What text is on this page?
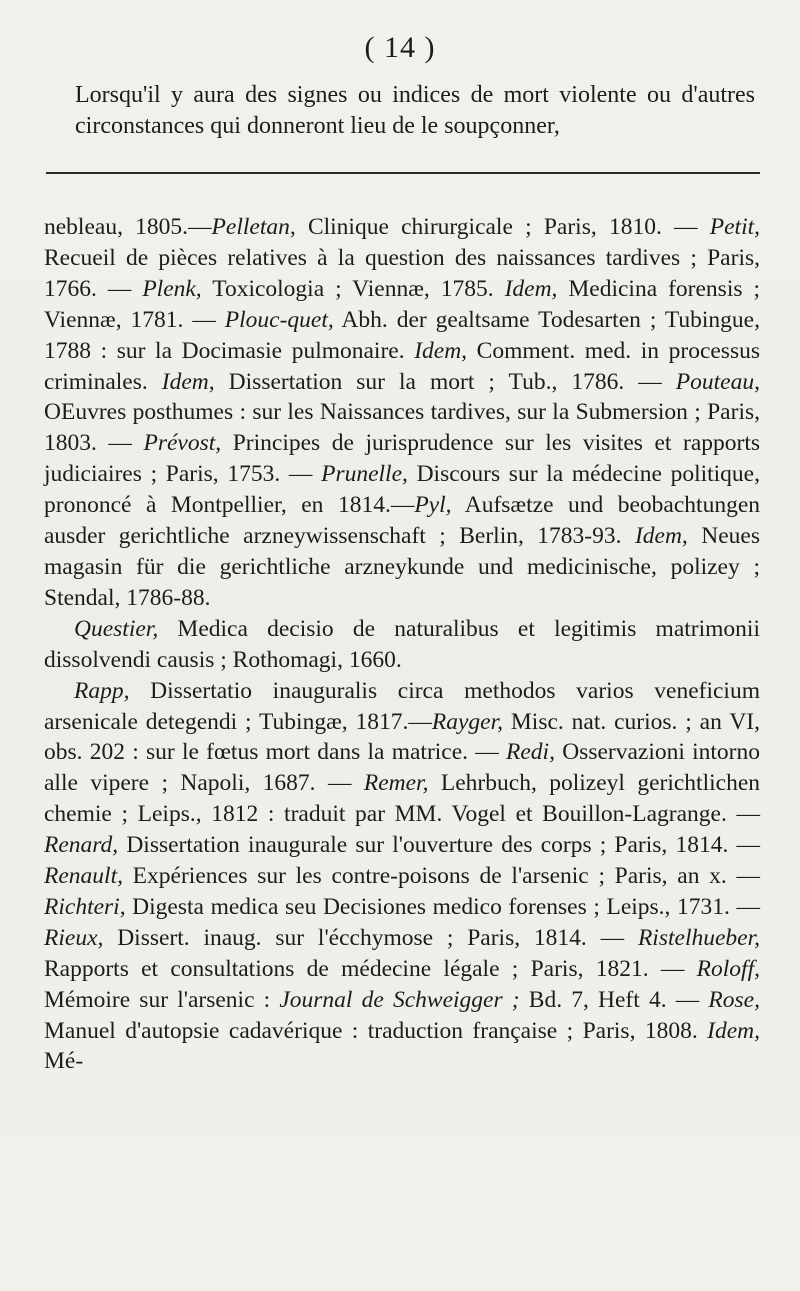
( 14 )
Lorsqu'il y aura des signes ou indices de mort violente ou d'autres circonstances qui donneront lieu de le soupçonner,

nebleau, 1805.—Pelletan, Clinique chirurgicale ; Paris, 1810. — Petit, Recueil de pièces relatives à la question des naissances tardives ; Paris, 1766. — Plenk, Toxicologia ; Viennæ, 1785. Idem, Medicina forensis ; Viennæ, 1781. — Plouc-quet, Abh. der gealtsame Todesarten ; Tubingue, 1788 : sur la Docimasie pulmonaire. Idem, Comment. med. in processus criminales. Idem, Dissertation sur la mort ; Tub., 1786. — Pouteau, OEuvres posthumes : sur les Naissances tardives, sur la Submersion ; Paris, 1803. — Prévost, Principes de jurisprudence sur les visites et rapports judiciaires ; Paris, 1753. — Prunelle, Discours sur la médecine politique, prononcé à Montpellier, en 1814.—Pyl, Aufsætze und beobachtungen ausder gerichtliche arzneywissenschaft ; Berlin, 1783-93. Idem, Neues magasin für die gerichtliche arzneykunde und medicinische, polizey ; Stendal, 1786-88.

Questier, Medica decisio de naturalibus et legitimis matrimonii dissolvendi causis ; Rothomagi, 1660.

Rapp, Dissertatio inauguralis circa methodos varios veneficium arsenicale detegendi ; Tubingæ, 1817.—Rayger, Misc. nat. curios. ; an VI, obs. 202 : sur le fœtus mort dans la matrice. — Redi, Osservazioni intorno alle vipere ; Napoli, 1687. — Remer, Lehrbuch, polizeyl gerichtlichen chemie ; Leips., 1812 : traduit par MM. Vogel et Bouillon-Lagrange. — Renard, Dissertation inaugurale sur l'ouverture des corps ; Paris, 1814. — Renault, Expériences sur les contre-poisons de l'arsenic ; Paris, an x. — Richteri, Digesta medica seu Decisiones medico forenses ; Leips., 1731. — Rieux, Dissert. inaug. sur l'écchymose ; Paris, 1814. — Ristelhueber, Rapports et consultations de médecine légale ; Paris, 1821. — Roloff, Mémoire sur l'arsenic : Journal de Schweigger ; Bd. 7, Heft 4. — Rose, Manuel d'autopsie cadavérique : traduction française ; Paris, 1808. Idem, Mé-
